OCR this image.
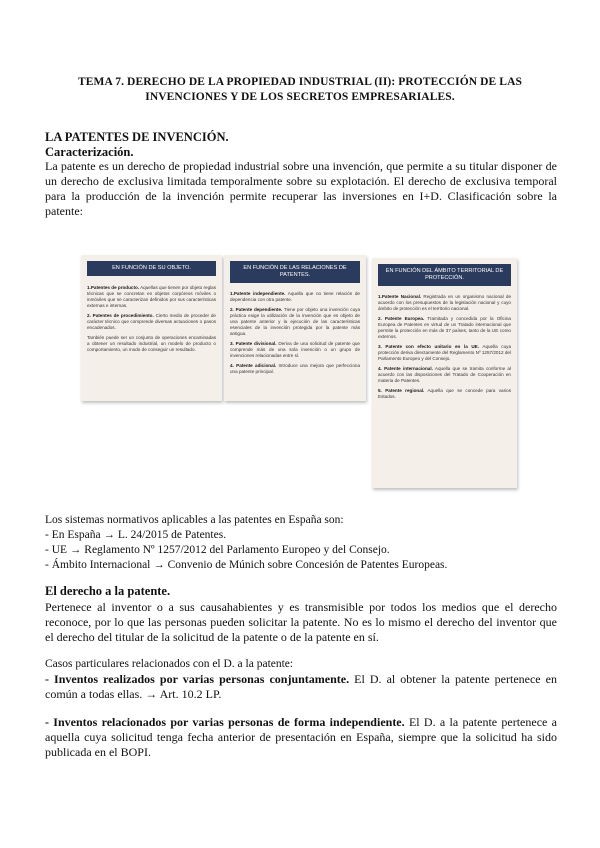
TEMA 7. DERECHO DE LA PROPIEDAD INDUSTRIAL (II): PROTECCIÓN DE LAS
INVENCIONES Y DE LOS SECRETOS EMPRESARIALES.
LA PATENTES DE INVENCIÓN.
Caracterización.
La patente es un derecho de propiedad industrial sobre una invención, que permite a su titular disponer de un derecho de exclusiva limitada temporalmente sobre su explotación. El derecho de exclusiva temporal para la producción de la invención permite recuperar las inversiones en I+D. Clasificación sobre la patente:
EN FUNCIÓN DE SU OBJETO.

1.Patentes de producto. Aquellas que tienen por objeto reglas técnicas que se concretan en objetos corpóreos móviles o inmóviles que se caracterizan definidos por sus características externas e internas.

2. Patentes de procedimiento. Cierto medio de proceder de carácter técnico que comprende diversas actuaciones o pasos encadenados.

También puede ser un conjunto de operaciones encaminadas a obtener un resultado industrial, un modelo de producto o comportamiento, un modo de conseguir un resultado.

EN FUNCIÓN DE LAS RELACIONES DE PATENTES.

1.Patente independiente. Aquella que no tiene relación de dependencia con otra patente.

2. Patente dependiente. Tiene por objeto una invención cuya práctica exige la utilización de la invención que es objeto de una patente anterior y la ejecución de las características esenciales de la invención protegida por la patente más antigua.

3. Patente divisional. Deriva de una solicitud de patente que comprende más de una sola invención o un grupo de invenciones relacionadas entre sí.

4. Patente adicional. Introduce una mejora que perfecciona una patente principal.

EN FUNCIÓN DEL ÁMBITO TERRITORIAL DE PROTECCIÓN.

1.Patente Nacional. Registrada en un organismo nacional de acuerdo con los presupuestos de la legislación nacional y cuyo ámbito de protección es el territorio nacional.

2. Patente Europea. Tramitada y concedida por la Oficina Europea de Patentes en virtud de un Tratado internacional que permite la protección en más de 37 países, tanto de la UE como externos.

3. Patente con efecto unitario en la UE. Aquella cuya protección deriva directamente del Reglamento Nº 1257/2012 del Parlamento Europeo y del Consejo.

4. Patente internacional. Aquella que se tramita conforme al acuerdo con las disposiciones del Tratado de Cooperación en materia de Patentes.

5. Patente regional. Aquella que se concede para varios Estados.

Los sistemas normativos aplicables a las patentes en España son:
- En España → L. 24/2015 de Patentes.
- UE → Reglamento Nº 1257/2012 del Parlamento Europeo y del Consejo.
- Ámbito Internacional → Convenio de Múnich sobre Concesión de Patentes Europeas.
El derecho a la patente.
Pertenece al inventor o a sus causahabientes y es transmisible por todos los medios que el derecho reconoce, por lo que las personas pueden solicitar la patente. No es lo mismo el derecho del inventor que el derecho del titular de la solicitud de la patente o de la patente en sí.
Casos particulares relacionados con el D. a la patente:
- Inventos realizados por varias personas conjuntamente. El D. al obtener la patente pertenece en común a todas ellas. → Art. 10.2 LP.
- Inventos relacionados por varias personas de forma independiente. El D. a la patente pertenece a aquella cuya solicitud tenga fecha anterior de presentación en España, siempre que la solicitud ha sido publicada en el BOPI.
